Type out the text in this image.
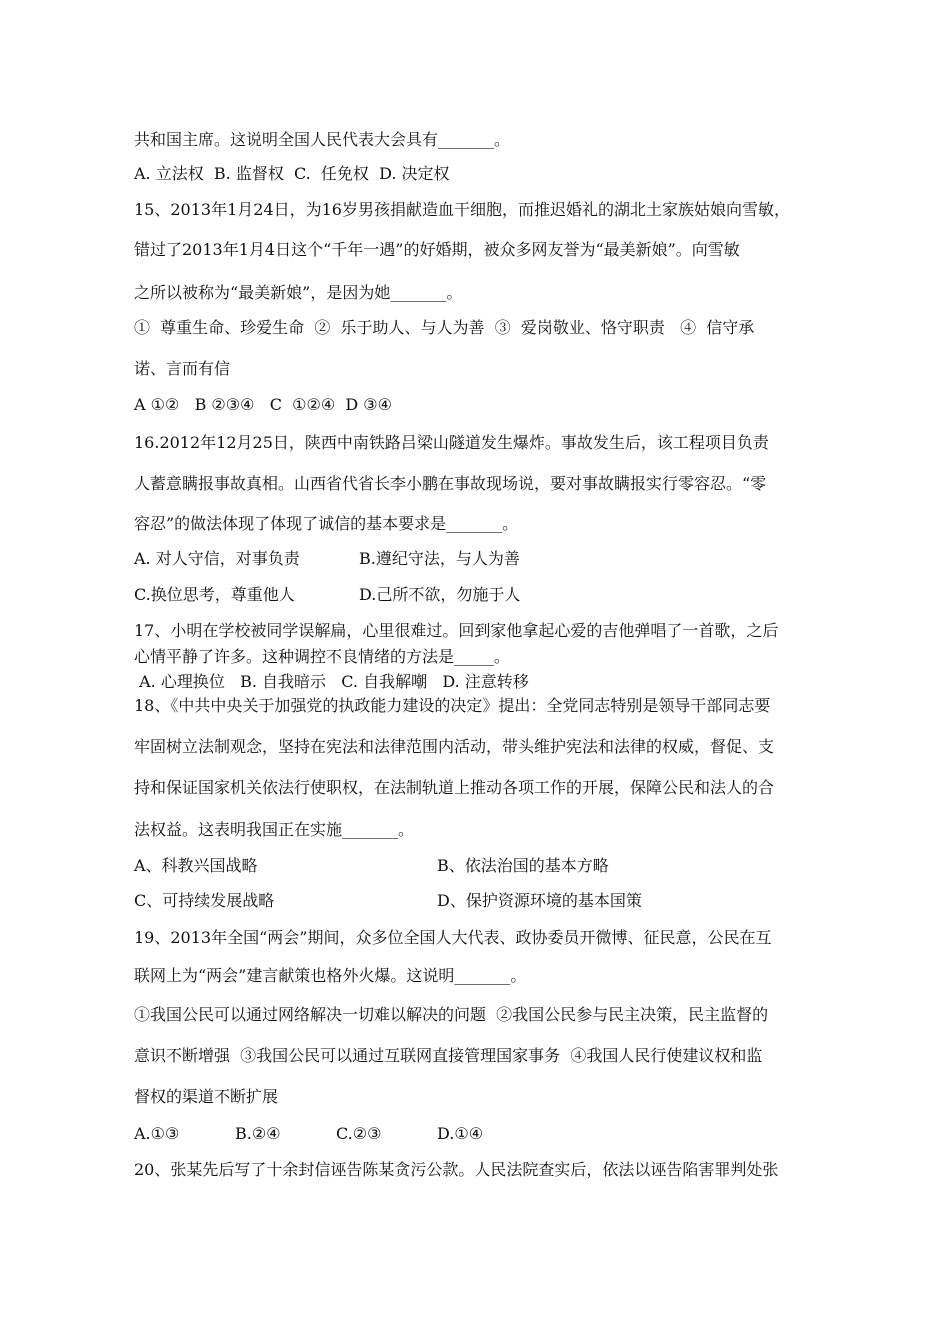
共和国主席。这说明全国人民代表大会具有_______。

A. 立法权  B. 监督权  C.  任免权  D. 决定权

15、2013年1月24日，为16岁男孩捐献造血干细胞，而推迟婚礼的湖北土家族姑娘向雪敏，

错过了2013年1月4日这个“千年一遇”的好婚期，被众多网友誉为“最美新娘”。向雪敏

之所以被称为“最美新娘”，是因为她_______。

①  尊重生命、珍爱生命  ②  乐于助人、与人为善  ③  爱岗敬业、恪守职责   ④  信守承

诺、言而有信

A ①②   B ②③④   C  ①②④  D ③④

16.2012年12月25日，陕西中南铁路吕梁山隧道发生爆炸。事故发生后，该工程项目负责

人蓄意瞒报事故真相。山西省代省长李小鹏在事故现场说，要对事故瞒报实行零容忍。“零

容忍”的做法体现了体现了诚信的基本要求是_______。

A. 对人守信，对事负责	B.遵纪守法，与人为善
C.换位思考，尊重他人	D.己所不欲，勿施于人

17、小明在学校被同学误解扁，心里很难过。回到家他拿起心爱的吉他弹唱了一首歌，之后

心情平静了许多。这种调控不良情绪的方法是_____。

A. 心理换位   B. 自我暗示   C. 自我解嘲   D. 注意转移

18、《中共中央关于加强党的执政能力建设的决定》提出：全党同志特别是领导干部同志要

牢固树立法制观念，坚持在宪法和法律范围内活动，带头维护宪法和法律的权威，督促、支

持和保证国家机关依法行使职权，在法制轨道上推动各项工作的开展，保障公民和法人的合

法权益。这表明我国正在实施_______。

A、科教兴国战略	B、依法治国的基本方略
C、可持续发展战略	D、保护资源环境的基本国策

19、2013年全国“两会”期间，众多位全国人大代表、政协委员开微博、征民意，公民在互

联网上为“两会”建言献策也格外火爆。这说明_______。

①我国公民可以通过网络解决一切难以解决的问题  ②我国公民参与民主决策，民主监督的

意识不断增强  ③我国公民可以通过互联网直接管理国家事务  ④我国人民行使建议权和监

督权的渠道不断扩展

A.①③	B.②④	C.②③	D.①④

20、张某先后写了十余封信诬告陈某贪污公款。人民法院查实后，依法以诬告陷害罪判处张
